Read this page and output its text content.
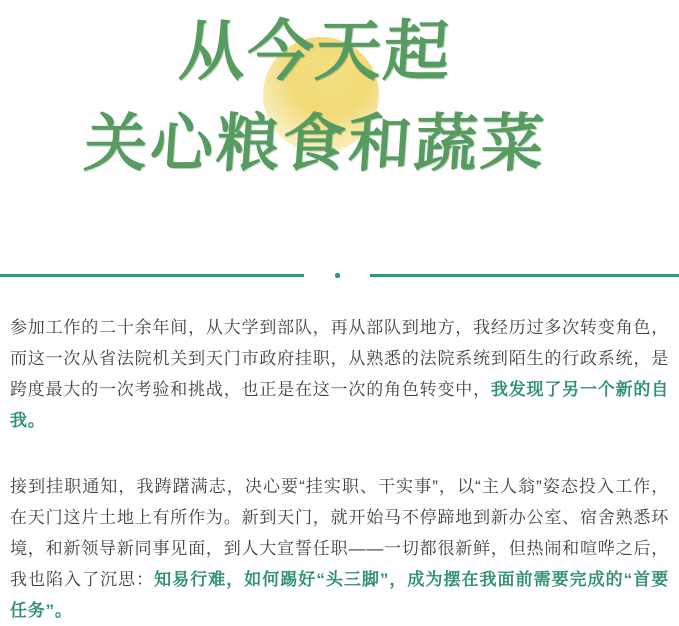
从今天起
关心粮食和蔬菜

参加工作的二十余年间，从大学到部队，再从部队到地方，我经历过多次转变角色，而这一次从省法院机关到天门市政府挂职，从熟悉的法院系统到陌生的行政系统，是跨度最大的一次考验和挑战，也正是在这一次的角色转变中，我发现了另一个新的自我。

接到挂职通知，我踌躇满志，决心要“挂实职、干实事”，以“主人翁”姿态投入工作，在天门这片土地上有所作为。新到天门，就开始马不停蹄地到新办公室、宿舍熟悉环境，和新领导新同事见面，到人大宣誓任职——一切都很新鲜，但热闹和喧哗之后，我也陷入了沉思：知易行难，如何踢好“头三脚”，成为摆在我面前需要完成的“首要任务”。
